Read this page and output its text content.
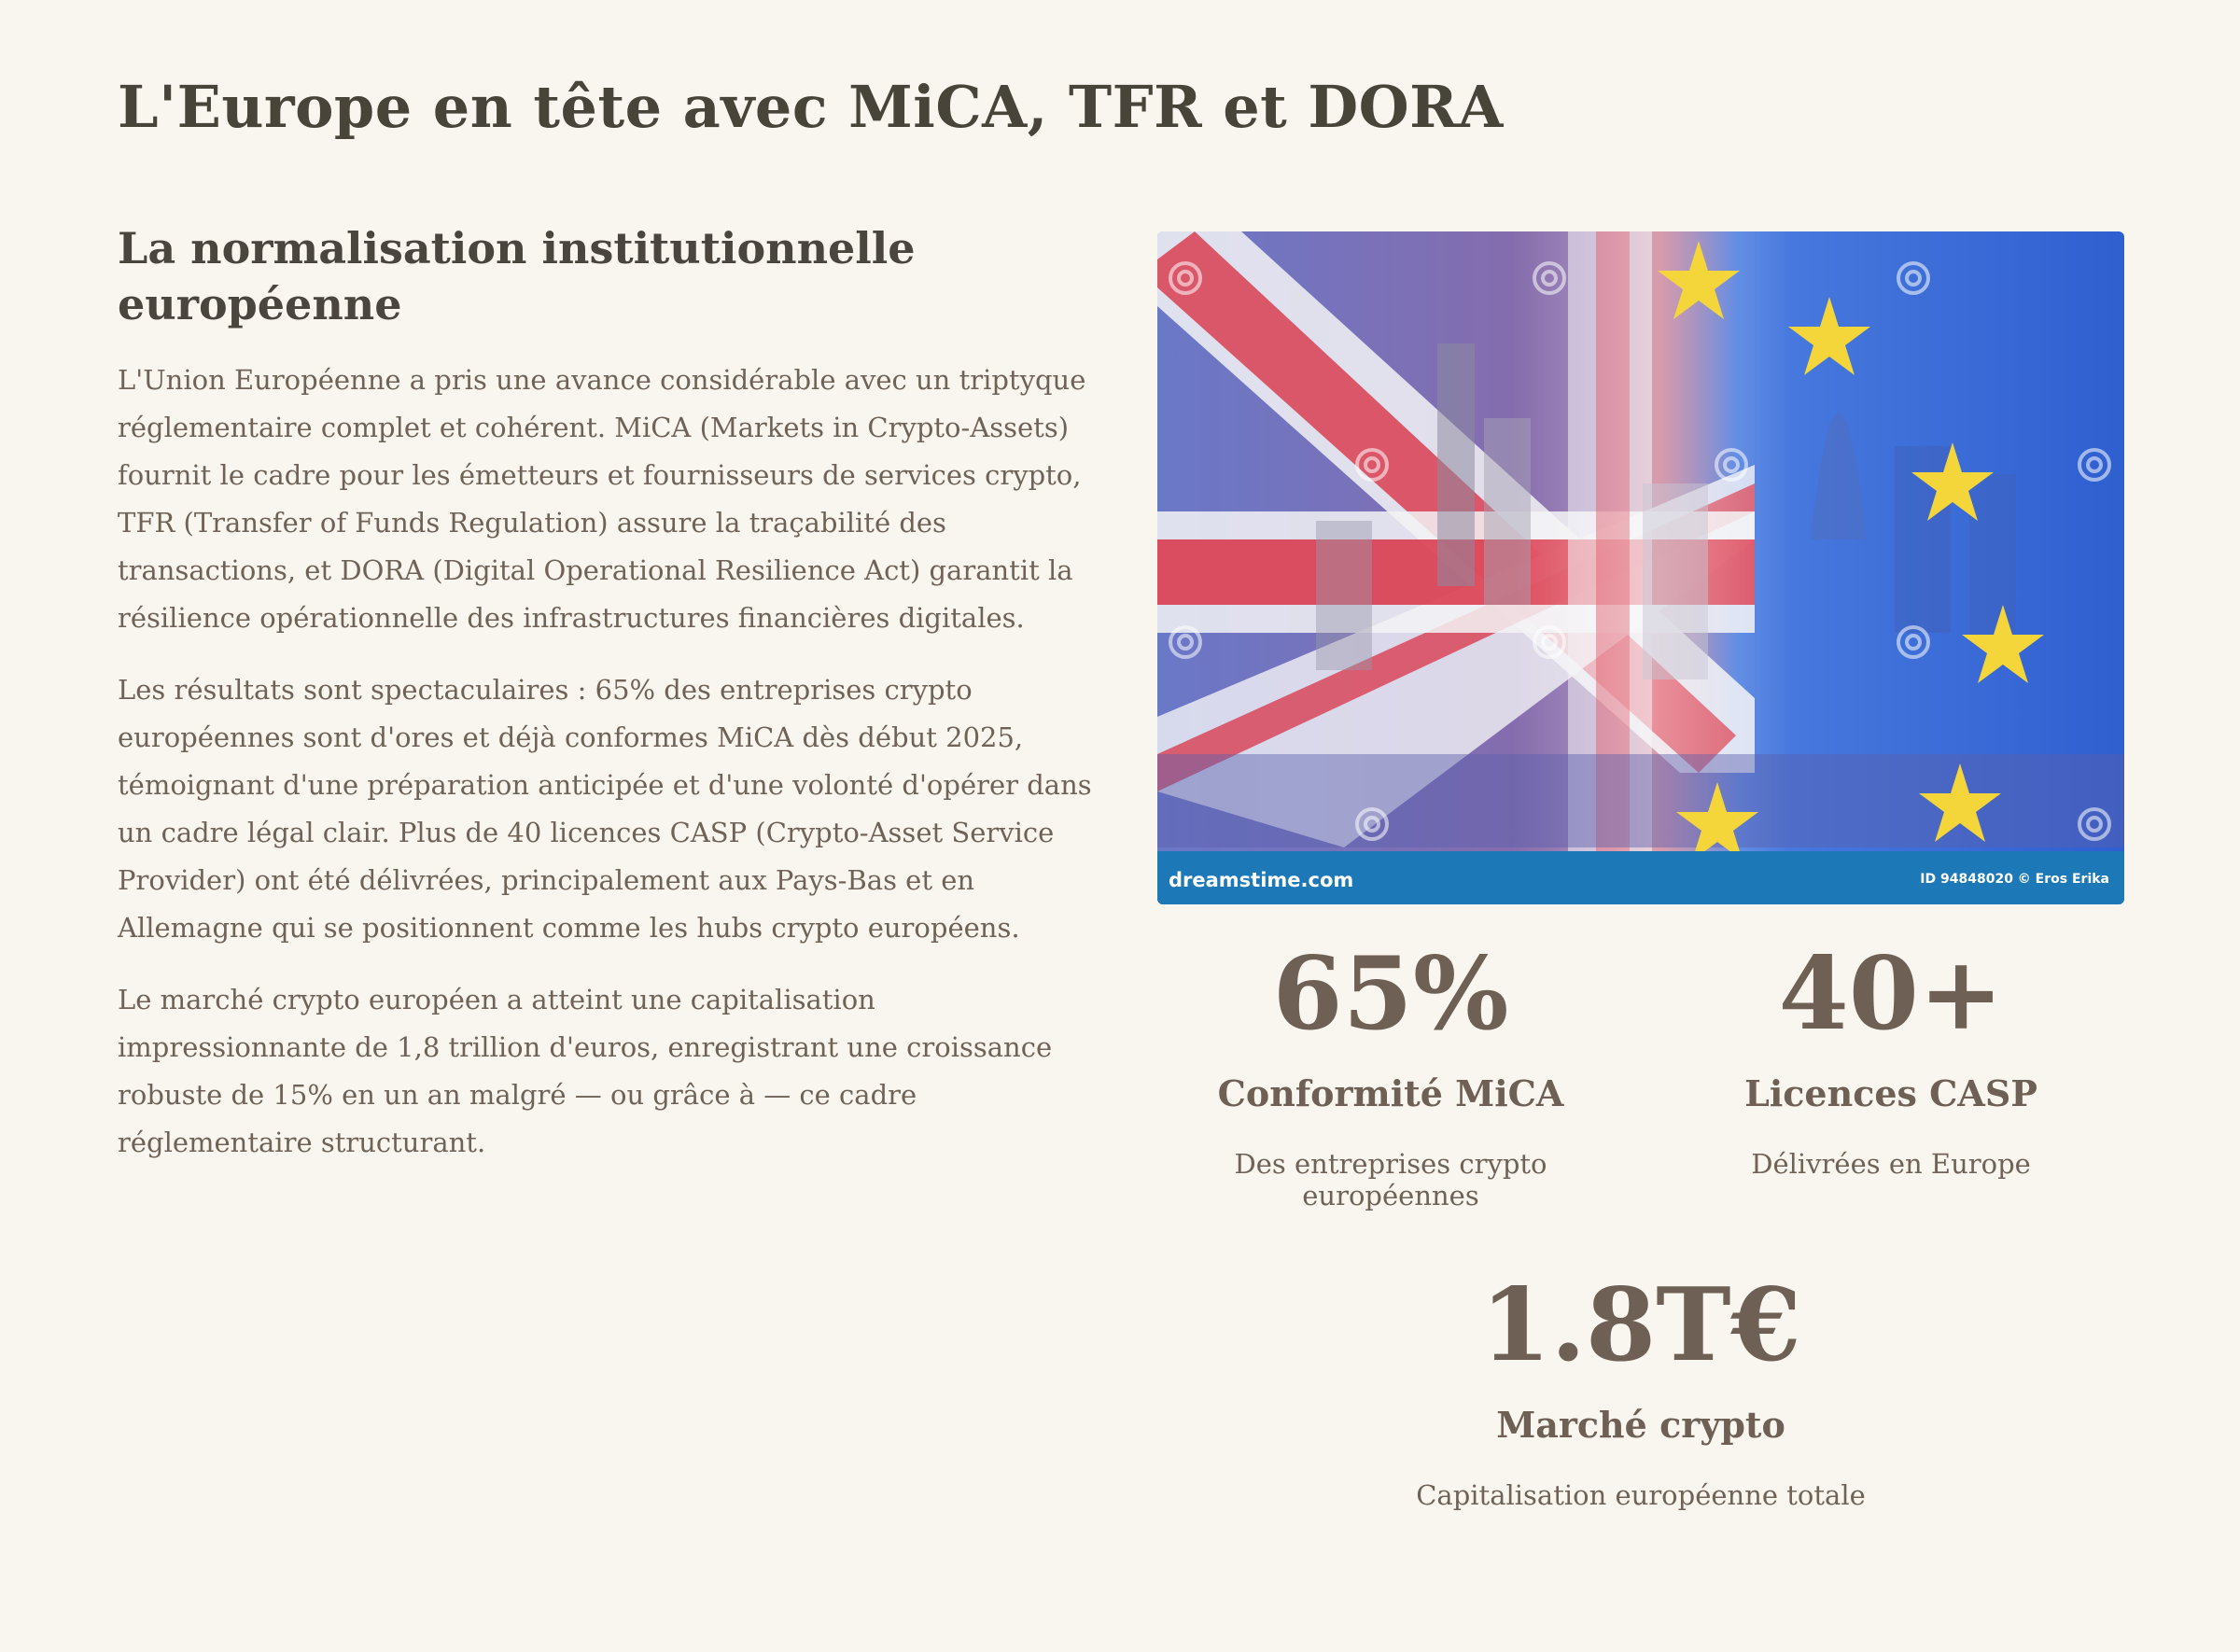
L'Europe en tête avec MiCA, TFR et DORA
La normalisation institutionnelle européenne

L'Union Européenne a pris une avance considérable avec un triptyque réglementaire complet et cohérent. MiCA (Markets in Crypto-Assets) fournit le cadre pour les émetteurs et fournisseurs de services crypto, TFR (Transfer of Funds Regulation) assure la traçabilité des transactions, et DORA (Digital Operational Resilience Act) garantit la résilience opérationnelle des infrastructures financières digitales.

Les résultats sont spectaculaires : 65% des entreprises crypto européennes sont d'ores et déjà conformes MiCA dès début 2025, témoignant d'une préparation anticipée et d'une volonté d'opérer dans un cadre légal clair. Plus de 40 licences CASP (Crypto-Asset Service Provider) ont été délivrées, principalement aux Pays-Bas et en Allemagne qui se positionnent comme les hubs crypto européens.

Le marché crypto européen a atteint une capitalisation impressionnante de 1,8 trillion d'euros, enregistrant une croissance robuste de 15% en un an malgré — ou grâce à — ce cadre réglementaire structurant.

dreamstime.com	ID 94848020 © Eros Erika
65%
Conformité MiCA
Des entreprises crypto européennes
40+
Licences CASP
Délivrées en Europe
1.8T€
Marché crypto
Capitalisation européenne totale
